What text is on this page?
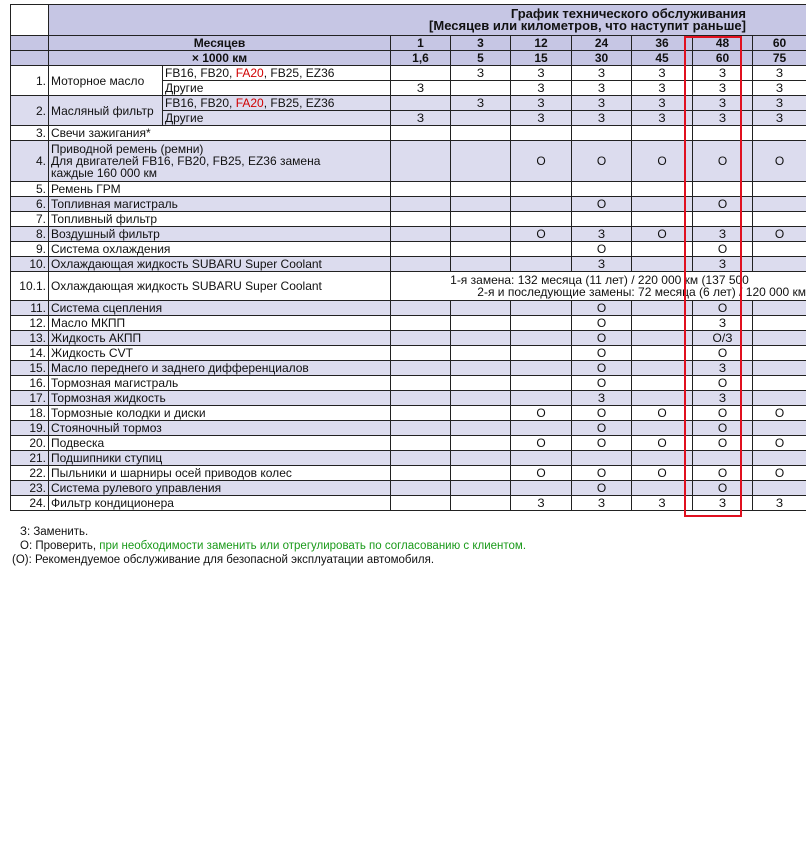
	График технического обслуживания
[Месяцев или километров, что наступит раньше]								

	Месяцев		1	3	12	24	36	48	60
	× 1000 км		1,6	5	15	30	45	60	75
1.	Моторное масло	FB16, FB20, FA20, FB25, EZ36		З	З	З	З	З	З
		Другие	З		З	З	З	З	З
2.	Масляный фильтр	FB16, FB20, FA20, FB25, EZ36		З	З	З	З	З	З
		Другие	З		З	З	З	З	З
3.	Свечи зажигания*								
4.	Приводной ремень (ремни)
Для двигателей FB16, FB20, FB25, EZ36 замена
каждые 160 000 км				О	О	О	О	О
5.	Ремень ГРМ								
6.	Топливная магистраль					О		О	
7.	Топливный фильтр								
8.	Воздушный фильтр				О	З	О	З	О
9.	Система охлаждения					О		О	
10.	Охлаждающая жидкость SUBARU Super Coolant					З		З	
10.1.	Охлаждающая жидкость SUBARU Super Coolant		1-я замена: 132 месяца (11 лет) / 220 000 км (137 500
2-я и последующие замены: 72 месяца (6 лет) / 120 000 км						

11.	Система сцепления					О		О	
12.	Масло МКПП					О		З	
13.	Жидкость АКПП					О		О/З	
14.	Жидкость CVT					О		О	
15.	Масло переднего и заднего дифференциалов					О		З	
16.	Тормозная магистраль					О		О	
17.	Тормозная жидкость					З		З	
18.	Тормозные колодки и диски				О	О	О	О	О
19.	Стояночный тормоз					О		О	
20.	Подвеска				О	О	О	О	О
21.	Подшипники ступиц								
22.	Пыльники и шарниры осей приводов колес				О	О	О	О	О
23.	Система рулевого управления					О		О	
24.	Фильтр кондиционера				З	З	З	З	З
З: Заменить.
О: Проверить, при необходимости заменить или отрегулировать по согласованию с клиентом.
(О): Рекомендуемое обслуживание для безопасной эксплуатации автомобиля.
